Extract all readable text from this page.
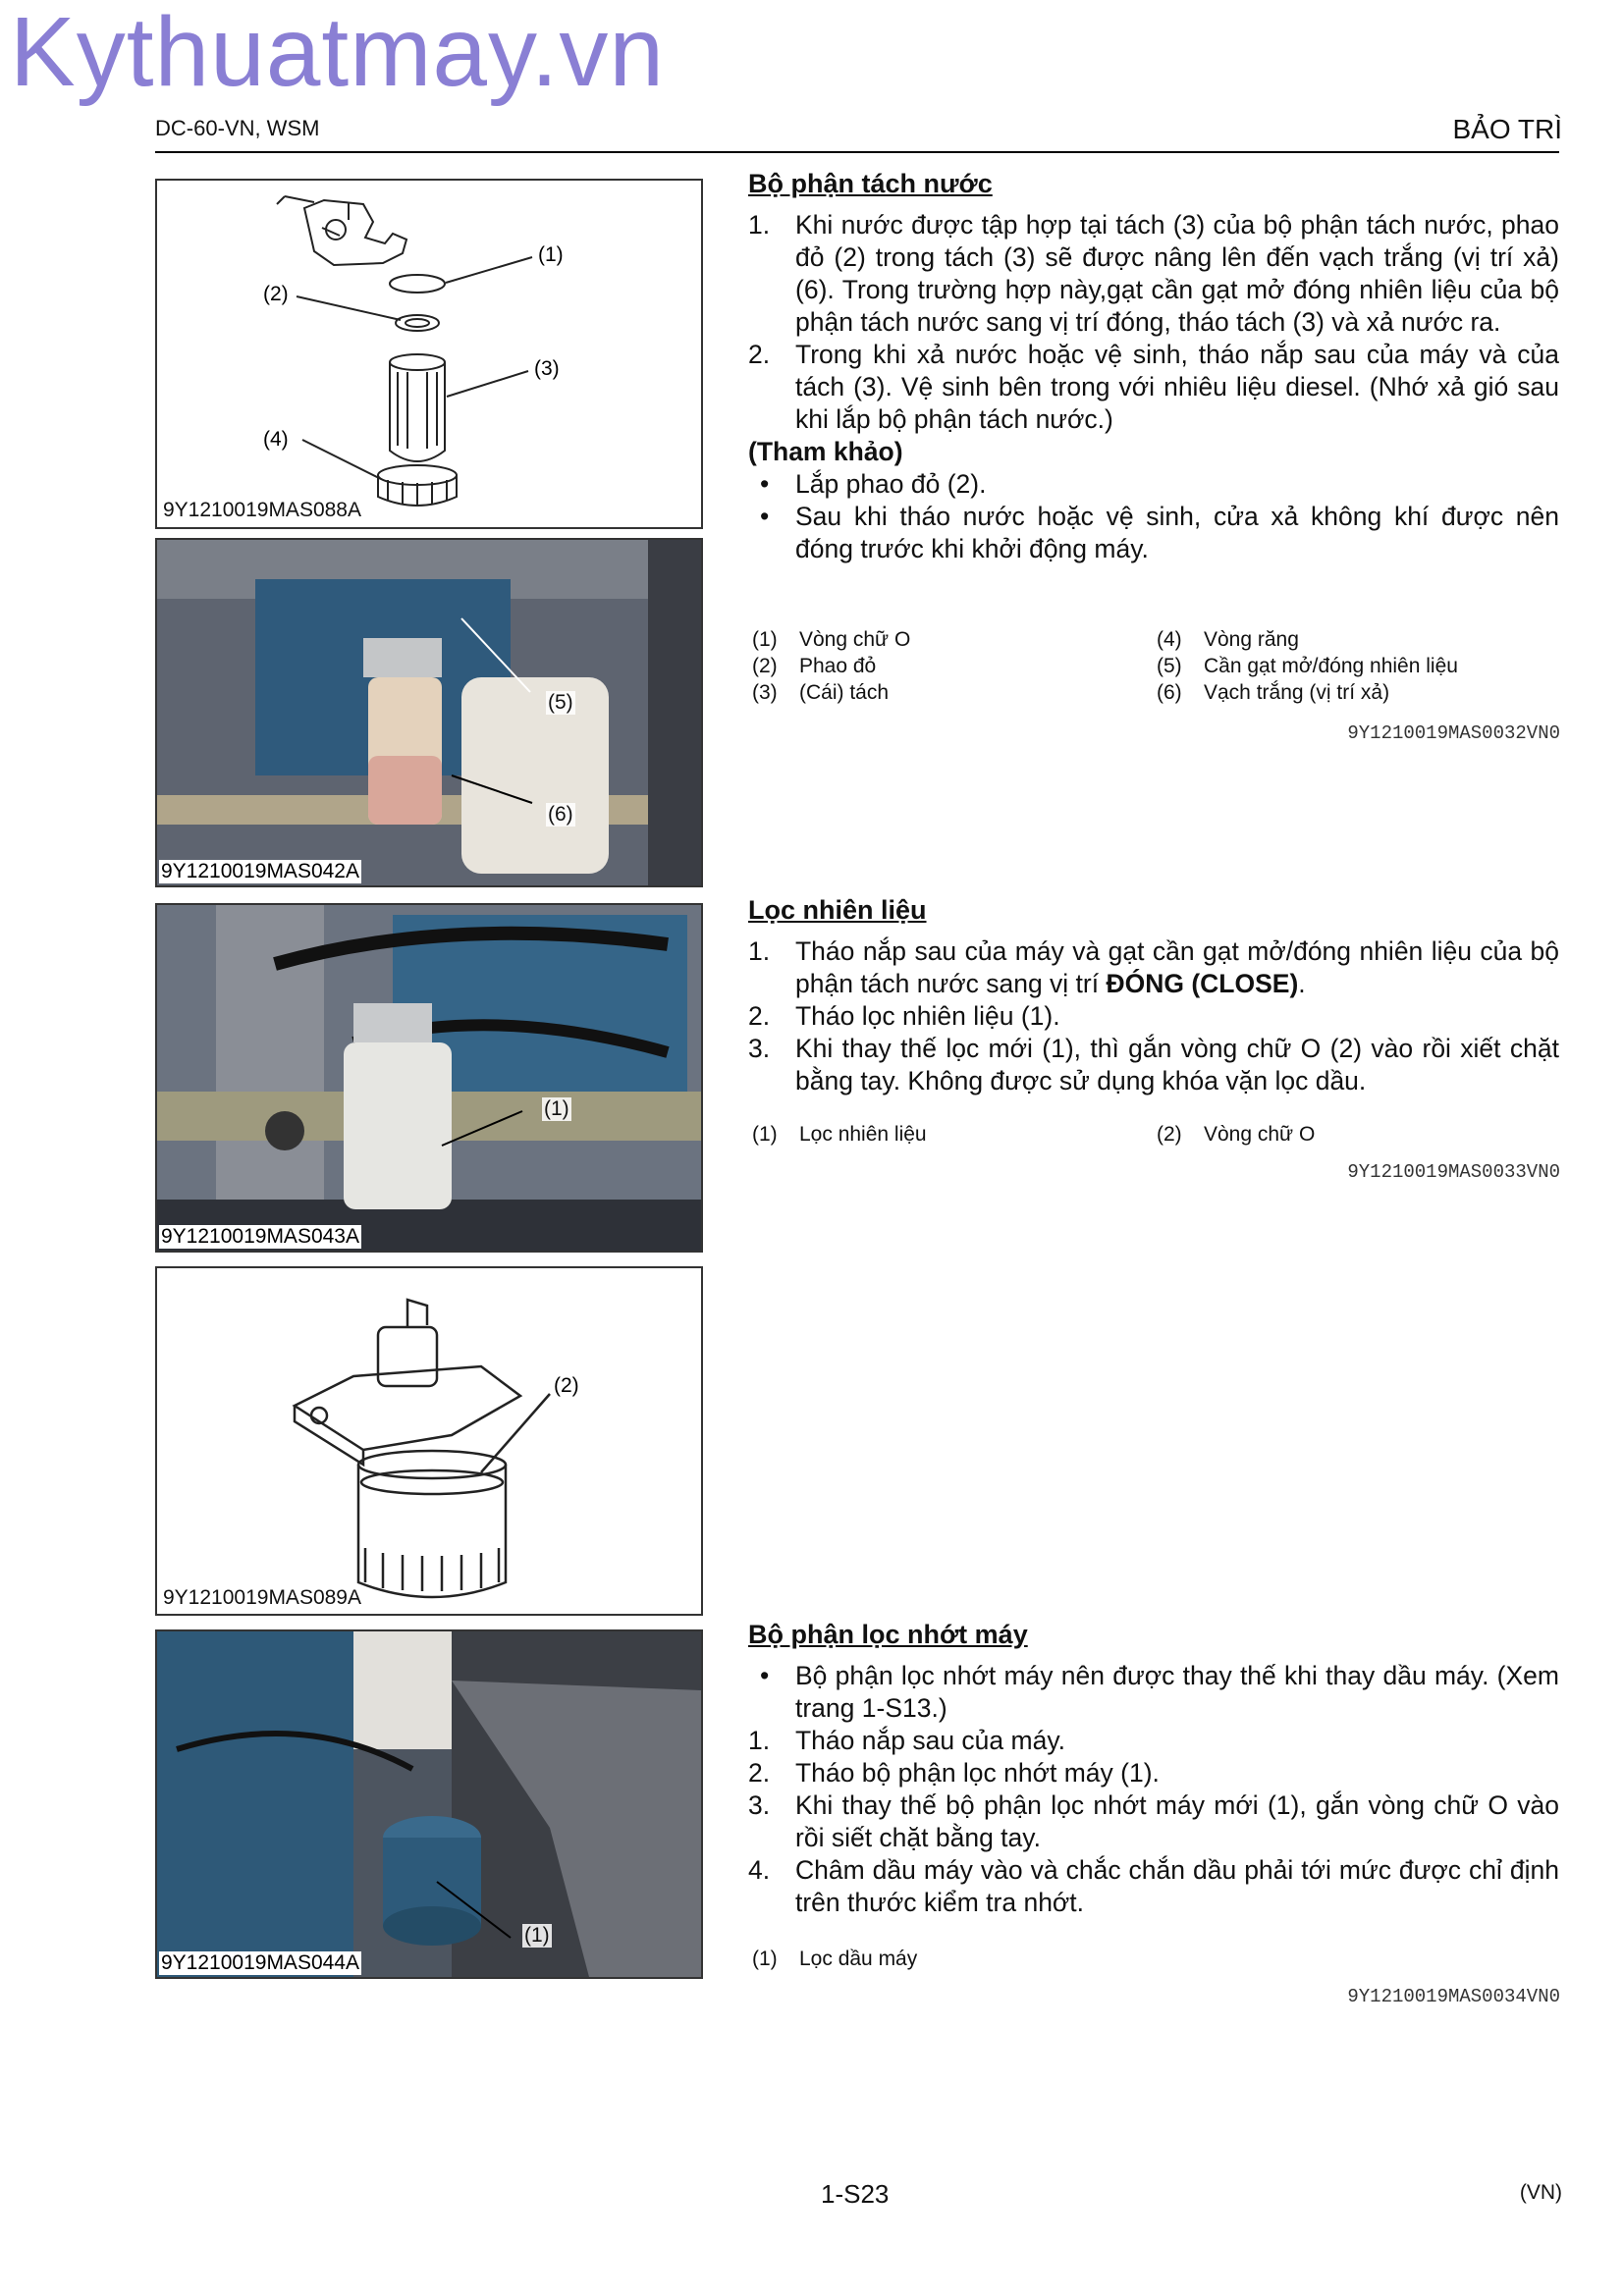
Kythuatmay.vn
DC-60-VN, WSM	BẢO TRÌ
(1)
(2)
(3)
(4)
9Y1210019MAS088A
(5)
(6)
9Y1210019MAS042A
(1)
9Y1210019MAS043A
(2)
9Y1210019MAS089A
(1)
9Y1210019MAS044A
Bộ phận tách nước

1. Khi nước được tập hợp tại tách (3) của bộ phận tách nước, phao đỏ (2) trong tách (3) sẽ được nâng lên đến vạch trắng (vị trí xả) (6). Trong trường hợp này,gạt cần gạt mở đóng nhiên liệu của bộ phận tách nước sang vị trí đóng, tháo tách (3) và xả nước ra.

2. Trong khi xả nước hoặc vệ sinh, tháo nắp sau của máy và của tách (3). Vệ sinh bên trong với nhiêu liệu diesel. (Nhớ xả gió sau khi lắp bộ phận tách nước.)

(Tham khảo)

• Lắp phao đỏ (2).

• Sau khi tháo nước hoặc vệ sinh, cửa xả không khí được nên đóng trước khi khởi động máy.

(1) Vòng chữ O
(2) Phao đỏ
(3) (Cái) tách
(4) Vòng răng
(5) Cần gạt mở/đóng nhiên liệu
(6) Vạch trắng (vị trí xả)
9Y1210019MAS0032VN0
Lọc nhiên liệu

1. Tháo nắp sau của máy và gạt cần gạt mở/đóng nhiên liệu của bộ phận tách nước sang vị trí ĐÓNG (CLOSE).

2. Tháo lọc nhiên liệu (1).

3. Khi thay thế lọc mới (1), thì gắn vòng chữ O (2) vào rồi xiết chặt bằng tay. Không được sử dụng khóa vặn lọc dầu.

(1) Lọc nhiên liệu	(2) Vòng chữ O
9Y1210019MAS0033VN0
Bộ phận lọc nhớt máy

• Bộ phận lọc nhớt máy nên được thay thế khi thay dầu máy. (Xem trang 1-S13.)

1. Tháo nắp sau của máy.

2. Tháo bộ phận lọc nhớt máy (1).

3. Khi thay thế bộ phận lọc nhớt máy mới (1), gắn vòng chữ O vào rồi siết chặt bằng tay.

4. Châm dầu máy vào và chắc chắn dầu phải tới mức được chỉ định trên thước kiểm tra nhớt.

(1) Lọc dầu máy
9Y1210019MAS0034VN0
1-S23	(VN)
